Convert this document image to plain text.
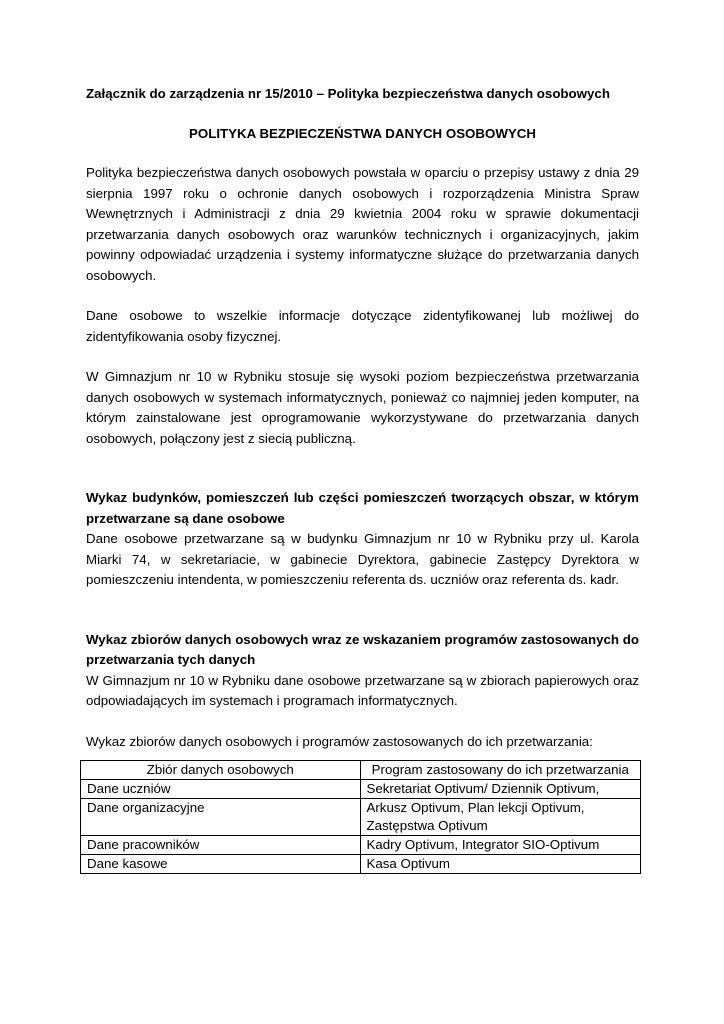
Załącznik do zarządzenia nr 15/2010 – Polityka bezpieczeństwa danych osobowych

POLITYKA BEZPIECZEŃSTWA DANYCH OSOBOWYCH

Polityka bezpieczeństwa danych osobowych powstała w oparciu o przepisy ustawy z dnia 29 sierpnia 1997 roku o ochronie danych osobowych i rozporządzenia Ministra Spraw Wewnętrznych i Administracji z dnia 29 kwietnia 2004 roku w sprawie dokumentacji przetwarzania danych osobowych oraz warunków technicznych i organizacyjnych, jakim powinny odpowiadać urządzenia i systemy informatyczne służące do przetwarzania danych osobowych.

Dane osobowe to wszelkie informacje dotyczące zidentyfikowanej lub możliwej do zidentyfikowania osoby fizycznej.

W Gimnazjum nr 10 w Rybniku stosuje się wysoki poziom bezpieczeństwa przetwarzania danych osobowych w systemach informatycznych, ponieważ co najmniej jeden komputer, na którym zainstalowane jest oprogramowanie wykorzystywane do przetwarzania danych osobowych, połączony jest z siecią publiczną.

Wykaz budynków, pomieszczeń lub części pomieszczeń tworzących obszar, w którym przetwarzane są dane osobowe

Dane osobowe przetwarzane są w budynku Gimnazjum nr 10 w Rybniku przy ul. Karola Miarki 74, w sekretariacie, w gabinecie Dyrektora, gabinecie Zastępcy Dyrektora w pomieszczeniu intendenta, w pomieszczeniu referenta ds. uczniów oraz referenta ds. kadr.

Wykaz zbiorów danych osobowych wraz ze wskazaniem programów zastosowanych do przetwarzania tych danych

W Gimnazjum nr 10 w Rybniku dane osobowe przetwarzane są w zbiorach papierowych oraz odpowiadających im systemach i programach informatycznych.

Wykaz zbiorów danych osobowych i programów zastosowanych do ich przetwarzania:

Zbiór danych osobowych	Program zastosowany do ich przetwarzania
Dane uczniów	Sekretariat Optivum/ Dziennik Optivum,
Dane organizacyjne	Arkusz Optivum, Plan lekcji Optivum, Zastępstwa Optivum
Dane pracowników	Kadry Optivum, Integrator SIO-Optivum
Dane kasowe	Kasa Optivum
